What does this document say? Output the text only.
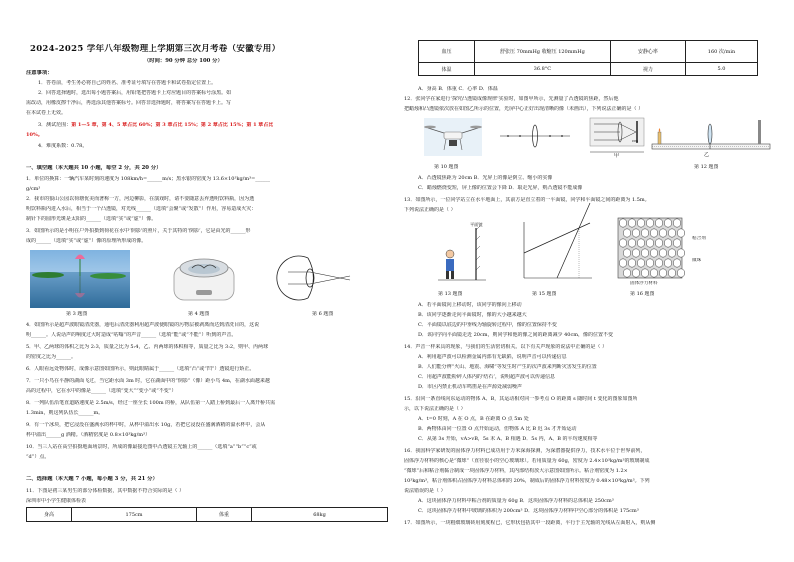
2024-2025 学年八年级物理上学期第三次月考卷（安徽专用）
（时间：90 分钟 总分 100 分）
注意事项：
1．答卷前，考生务必将自己的姓名、准考证号填写在答题卡和试卷指定位置上。
2．回答选择题时，选出每小题答案后，用铅笔把答题卡上对应题目的答案标号涂黑。如
需改动，用橡皮擦干净后，再选涂其他答案标号。回答非选择题时，将答案写在答题卡上。写
在本试卷上无效。
3．测试范围：第 1—5 章，第 4、5 章占比 60%；第 3 章占比 15%；第 2 章占比 15%；第 1 章占比
10%。
4．难度系数：0.78。
一、填空题（本大题共 10 小题，每空 2 分，共 20 分）
1．单位的换算：一辆汽车某时刻的速度为 108km/h=______m/s；黑水银的密度为 13.6×10³kg/m³=______
g/cm³
2．我市的狼山公园以荷塘优美而著称一方，河边柳影，在演戏时，请不要随意丢弃透明饮料瓶，因为透
明饮料瓶内进入水后，相当于一个凸透镜，对光线______（选填“会聚”或“发散”）作用，容易造成火灾：
制针下的圆形光斑是太阳的______（选填“实”或“虚”）像。
3．如图所示的是小明在户外拍摄到荷花在水中‘倒影’的照片，关于其特的‘倒影’，它是由光的______形
成的______（选填“实”或“虚”）像的原理所形成的像。
第 3 题图	第 4 题图	第 6 题图
4．如图所示是超声波眼镜清洗器，通电后清洗器利用超声波使眼镜的污物层被剥离而达到清洗目的，这说
明______。人说话声的响度过大时造成“咕嗡”的声音______（选填“能”或“不能”）听到的声音。
5．甲、乙两球的体积之比为 2:3，质量之比为 5:4，乙、丙两球的体积相等，质量之比为 3:2，则甲、丙两球
的密度之比为______。
6．人眼看远处物体时，成像示意图如图所示，则此眼睛属于______（选填“凸”或“凹”）透镜进行矫正。
7．一只小鸟在平静的湖面飞过，当它距水面 3m 时，它在湖面中的“倒影”（像）距小鸟 4m，在湖水面越来越
高的过程中，它在水中的像是______（选填“变大”“变小”或“不变”）
8．一列队伍沿笔直道路速度是 2.5m/s，经过一座全长 100m 的桥，从队伍第一人踏上桥到最后一人离开桥共需
1.3min，则这列队伍长______m。
9．有一个冰块，把它浸没在盛满水的杯中时，从杯中溢出水 10g，若把它浸没在盛满酒精的溢水杯中，会从
杯中溢出______g 酒精。（酒精密度是 0.8×10³kg/m³）
10．当三人站在高空拍摄地面场景时，所成的像最接近图中凸透镜主光轴上的______（选填“a”“b”“c”或
“d”）点。
二、选择题（本大题 7 小题，每小题 3 分，共 21 分）
11．下图是初三某男生的部分体检数据，其中数据不符合实际的是（ ）
深圳市中小学生健康体检表
身高	175cm	体重	68kg
血压	舒张压 70mmHg 收缩压 120mmHg	安静心率	160 次/min
体温	36.8°C	视力	5.0
A．身高 B．体重 C．心率 D．体温
12．张同学在家进行‘探究凸透镜成像规律’实验时，如图甲所示，先测量了凸透镜的焦距，然后他
把蜡烛和凸透镜依次放在如图乙所示的位置，光屏中心正好出现清晰的像（未画出），下列说法正确的是（ ）
甲
cm
乙
第 10 题图	第 12 题图
A．凸透镜焦距为 20cm B．光屏上的像是倒立、缩小的实像
C．蜡烛燃烧变短，屏上像的位置会下降 D．取走光屏，则凸透镜不能成像
13．如图所示，一位同学站立在水平地面上，其前方是直立着的一平面镜，同学和平面镜之间的距离为 1.5m。
下列说法正确的是（ ）
平面镜
粘合剂
微珠
固体浮力材料
第 13 题图	第 15 题图	第 16 题图
A．若平面镜向上移动时，该同学的像向上移动
B．该同学逐渐走向平面镜时，像的大小越来越大
C．平面镜以底边的中垂线为轴旋转过程中，像的位置保持不变
D．该同学向平面镜走近 20cm，则同学和他的像之间的距离减少 40cm，像的位置不变
14．声音一样来具的现象，与我们的生活密切相关。以下有关声现象的说法中正确的是（ ）
A．利用超声波可以检测金属内部有无缺陷，说明声音可以传递信息
B．人们能分辨“火山、地震、海啸”等发生时产生的次声波来判断灾害发生的位置
C．用超声波能粉碎人体内的‘结石’，说明超声波可以传递信息
D．市区内禁止机动车鸣笛是在声源处减弱噪声
15．沿同一条直线向东运动的物体 A、B，其运动相对同一参考点 O 的距离 s 随时间 t 变化的图象如图所
示，以下说法正确的是（ ）
A．t=0 时刻，A 在 O 点，B 在距离 O 点 5m 处
B．两物体由同一位置 O 点开始运动，但物体 A 比 B 迟 3s 才开始运动
C．从第 3s 开始，vA>vB，5s 末 A、B 相遇 D．5s 内，A、B 的平均速度相等
16．我国科学家研发的固体浮力材料已成功用于万米深海探测，为深潜器提供浮力，技术水平位于世界前列，
固体浮力材料的核心是“微球”（直径很小的空心玻璃球）。若用质量为 60g，密度为 2.4×10³kg/m³的玻璃制成
“微球”后和粘合剂黏合制成一块固体浮力材料，其内部结构放大示意图如图所示。粘合剂密度为 1.2×
10³kg/m³，粘合剂体积占固体浮力材料总体积的 20%，制成后的固体浮力材料密度为 0.48×10³kg/m³。下列
说法错误的是（ ）
A．这块固体浮力材料中粘合剂的质量为 60g B．这块固体浮力材料的总体积是 250cm³
C．这块固体浮力材料中玻璃的体积为 200cm³ D．这块固体浮力材料中空心部分的体积是 175cm³
17．如图所示，一块粗细玻璃砖用刻度程已，它形状包括其中一段距离，平行于主光轴的光线从左面射入，则从侧
